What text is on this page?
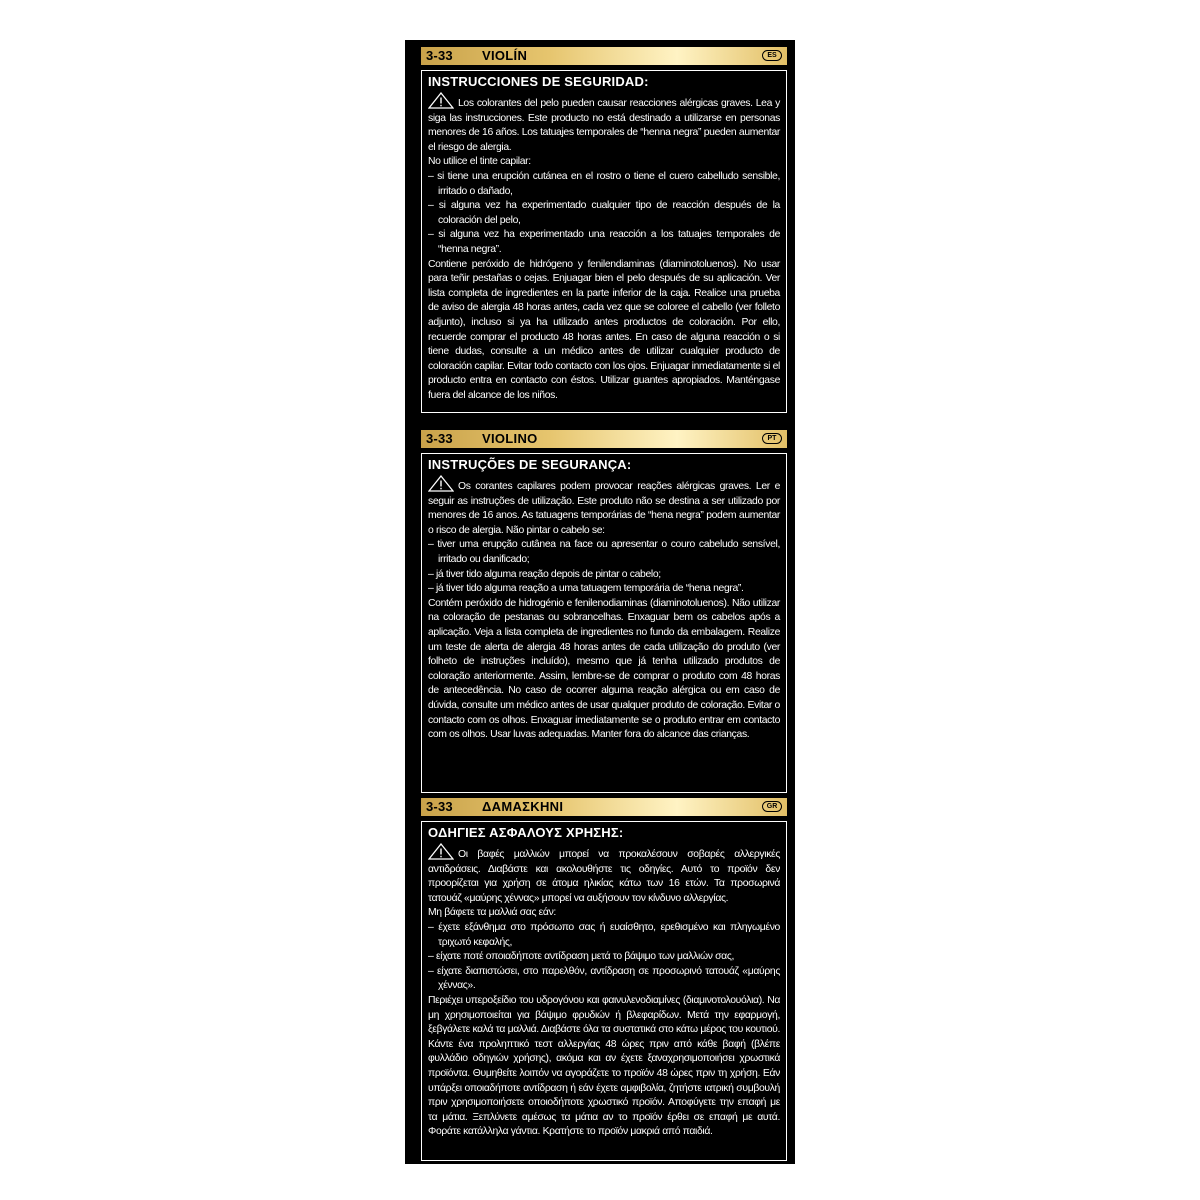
3-33 VIOLÍN	ES

INSTRUCCIONES DE SEGURIDAD:

Los colorantes del pelo pueden causar reacciones alérgicas graves. Lea y siga las instrucciones. Este producto no está destinado a utilizarse en personas menores de 16 años. Los tatuajes temporales de “henna negra” pueden aumentar el riesgo de alergia.
No utilice el tinte capilar:
– si tiene una erupción cutánea en el rostro o tiene el cuero cabelludo sensible, irritado o dañado,
– si alguna vez ha experimentado cualquier tipo de reacción después de la coloración del pelo,
– si alguna vez ha experimentado una reacción a los tatuajes temporales de “henna negra”.
Contiene peróxido de hidrógeno y fenilendiaminas (diaminotoluenos). No usar para teñir pestañas o cejas. Enjuagar bien el pelo después de su aplicación. Ver lista completa de ingredientes en la parte inferior de la caja. Realice una prueba de aviso de alergia 48 horas antes, cada vez que se coloree el cabello (ver folleto adjunto), incluso si ya ha utilizado antes productos de coloración. Por ello, recuerde comprar el producto 48 horas antes. En caso de alguna reacción o si tiene dudas, consulte a un médico antes de utilizar cualquier producto de coloración capilar. Evitar todo contacto con los ojos. Enjuagar inmediatamente si el producto entra en contacto con éstos. Utilizar guantes apropiados. Manténgase fuera del alcance de los niños.

3-33 VIOLINO	PT

INSTRUÇÕES DE SEGURANÇA:

Os corantes capilares podem provocar reações alérgicas graves. Ler e seguir as instruções de utilização. Este produto não se destina a ser utilizado por menores de 16 anos. As tatuagens temporárias de “hena negra” podem aumentar o risco de alergia. Não pintar o cabelo se:
– tiver uma erupção cutânea na face ou apresentar o couro cabeludo sensível, irritado ou danificado;
– já tiver tido alguma reação depois de pintar o cabelo;
– já tiver tido alguma reação a uma tatuagem temporária de “hena negra”.
Contém peróxido de hidrogénio e fenilenodiaminas (diaminotoluenos). Não utilizar na coloração de pestanas ou sobrancelhas. Enxaguar bem os cabelos após a aplicação. Veja a lista completa de ingredientes no fundo da embalagem. Realize um teste de alerta de alergia 48 horas antes de cada utilização do produto (ver folheto de instruções incluído), mesmo que já tenha utilizado produtos de coloração anteriormente. Assim, lembre-se de comprar o produto com 48 horas de antecedência. No caso de ocorrer alguma reação alérgica ou em caso de dúvida, consulte um médico antes de usar qualquer produto de coloração. Evitar o contacto com os olhos. Enxaguar imediatamente se o produto entrar em contacto com os olhos. Usar luvas adequadas. Manter fora do alcance das crianças.

3-33 ΔΑΜΑΣΚΗΝΙ	GR

ΟΔΗΓΙΕΣ ΑΣΦΑΛΟΥΣ ΧΡΗΣΗΣ:

Οι βαφές μαλλιών μπορεί να προκαλέσουν σοβαρές αλλεργικές αντιδράσεις. Διαβάστε και ακολουθήστε τις οδηγίες. Αυτό το προϊόν δεν προορίζεται για χρήση σε άτομα ηλικίας κάτω των 16 ετών. Τα προσωρινά τατουάζ «μαύρης χέννας» μπορεί να αυξήσουν τον κίνδυνο αλλεργίας.
Μη βάφετε τα μαλλιά σας εάν:
– έχετε εξάνθημα στο πρόσωπο σας ή ευαίσθητο, ερεθισμένο και πληγωμένο τριχωτό κεφαλής,
– είχατε ποτέ οποιαδήποτε αντίδραση μετά το βάψιμο των μαλλιών σας,
– είχατε διαπιστώσει, στο παρελθόν, αντίδραση σε προσωρινό τατουάζ «μαύρης χέννας».
Περιέχει υπεροξείδιο του υδρογόνου και φαινυλενοδιαμίνες (διαμινοτολουόλια). Να μη χρησιμοποιείται για βάψιμο φρυδιών ή βλεφαρίδων. Μετά την εφαρμογή, ξεβγάλετε καλά τα μαλλιά. Διαβάστε όλα τα συστατικά στο κάτω μέρος του κουτιού. Κάντε ένα προληπτικό τεστ αλλεργίας 48 ώρες πριν από κάθε βαφή (βλέπε φυλλάδιο οδηγιών χρήσης), ακόμα και αν έχετε ξαναχρησιμοποιήσει χρωστικά προϊόντα. Θυμηθείτε λοιπόν να αγοράζετε το προϊόν 48 ώρες πριν τη χρήση. Εάν υπάρξει οποιαδήποτε αντίδραση ή εάν έχετε αμφιβολία, ζητήστε ιατρική συμβουλή πριν χρησιμοποιήσετε οποιοδήποτε χρωστικό προϊόν. Αποφύγετε την επαφή με τα μάτια. Ξεπλύνετε αμέσως τα μάτια αν το προϊόν έρθει σε επαφή με αυτά. Φοράτε κατάλληλα γάντια. Κρατήστε το προϊόν μακριά από παιδιά.
